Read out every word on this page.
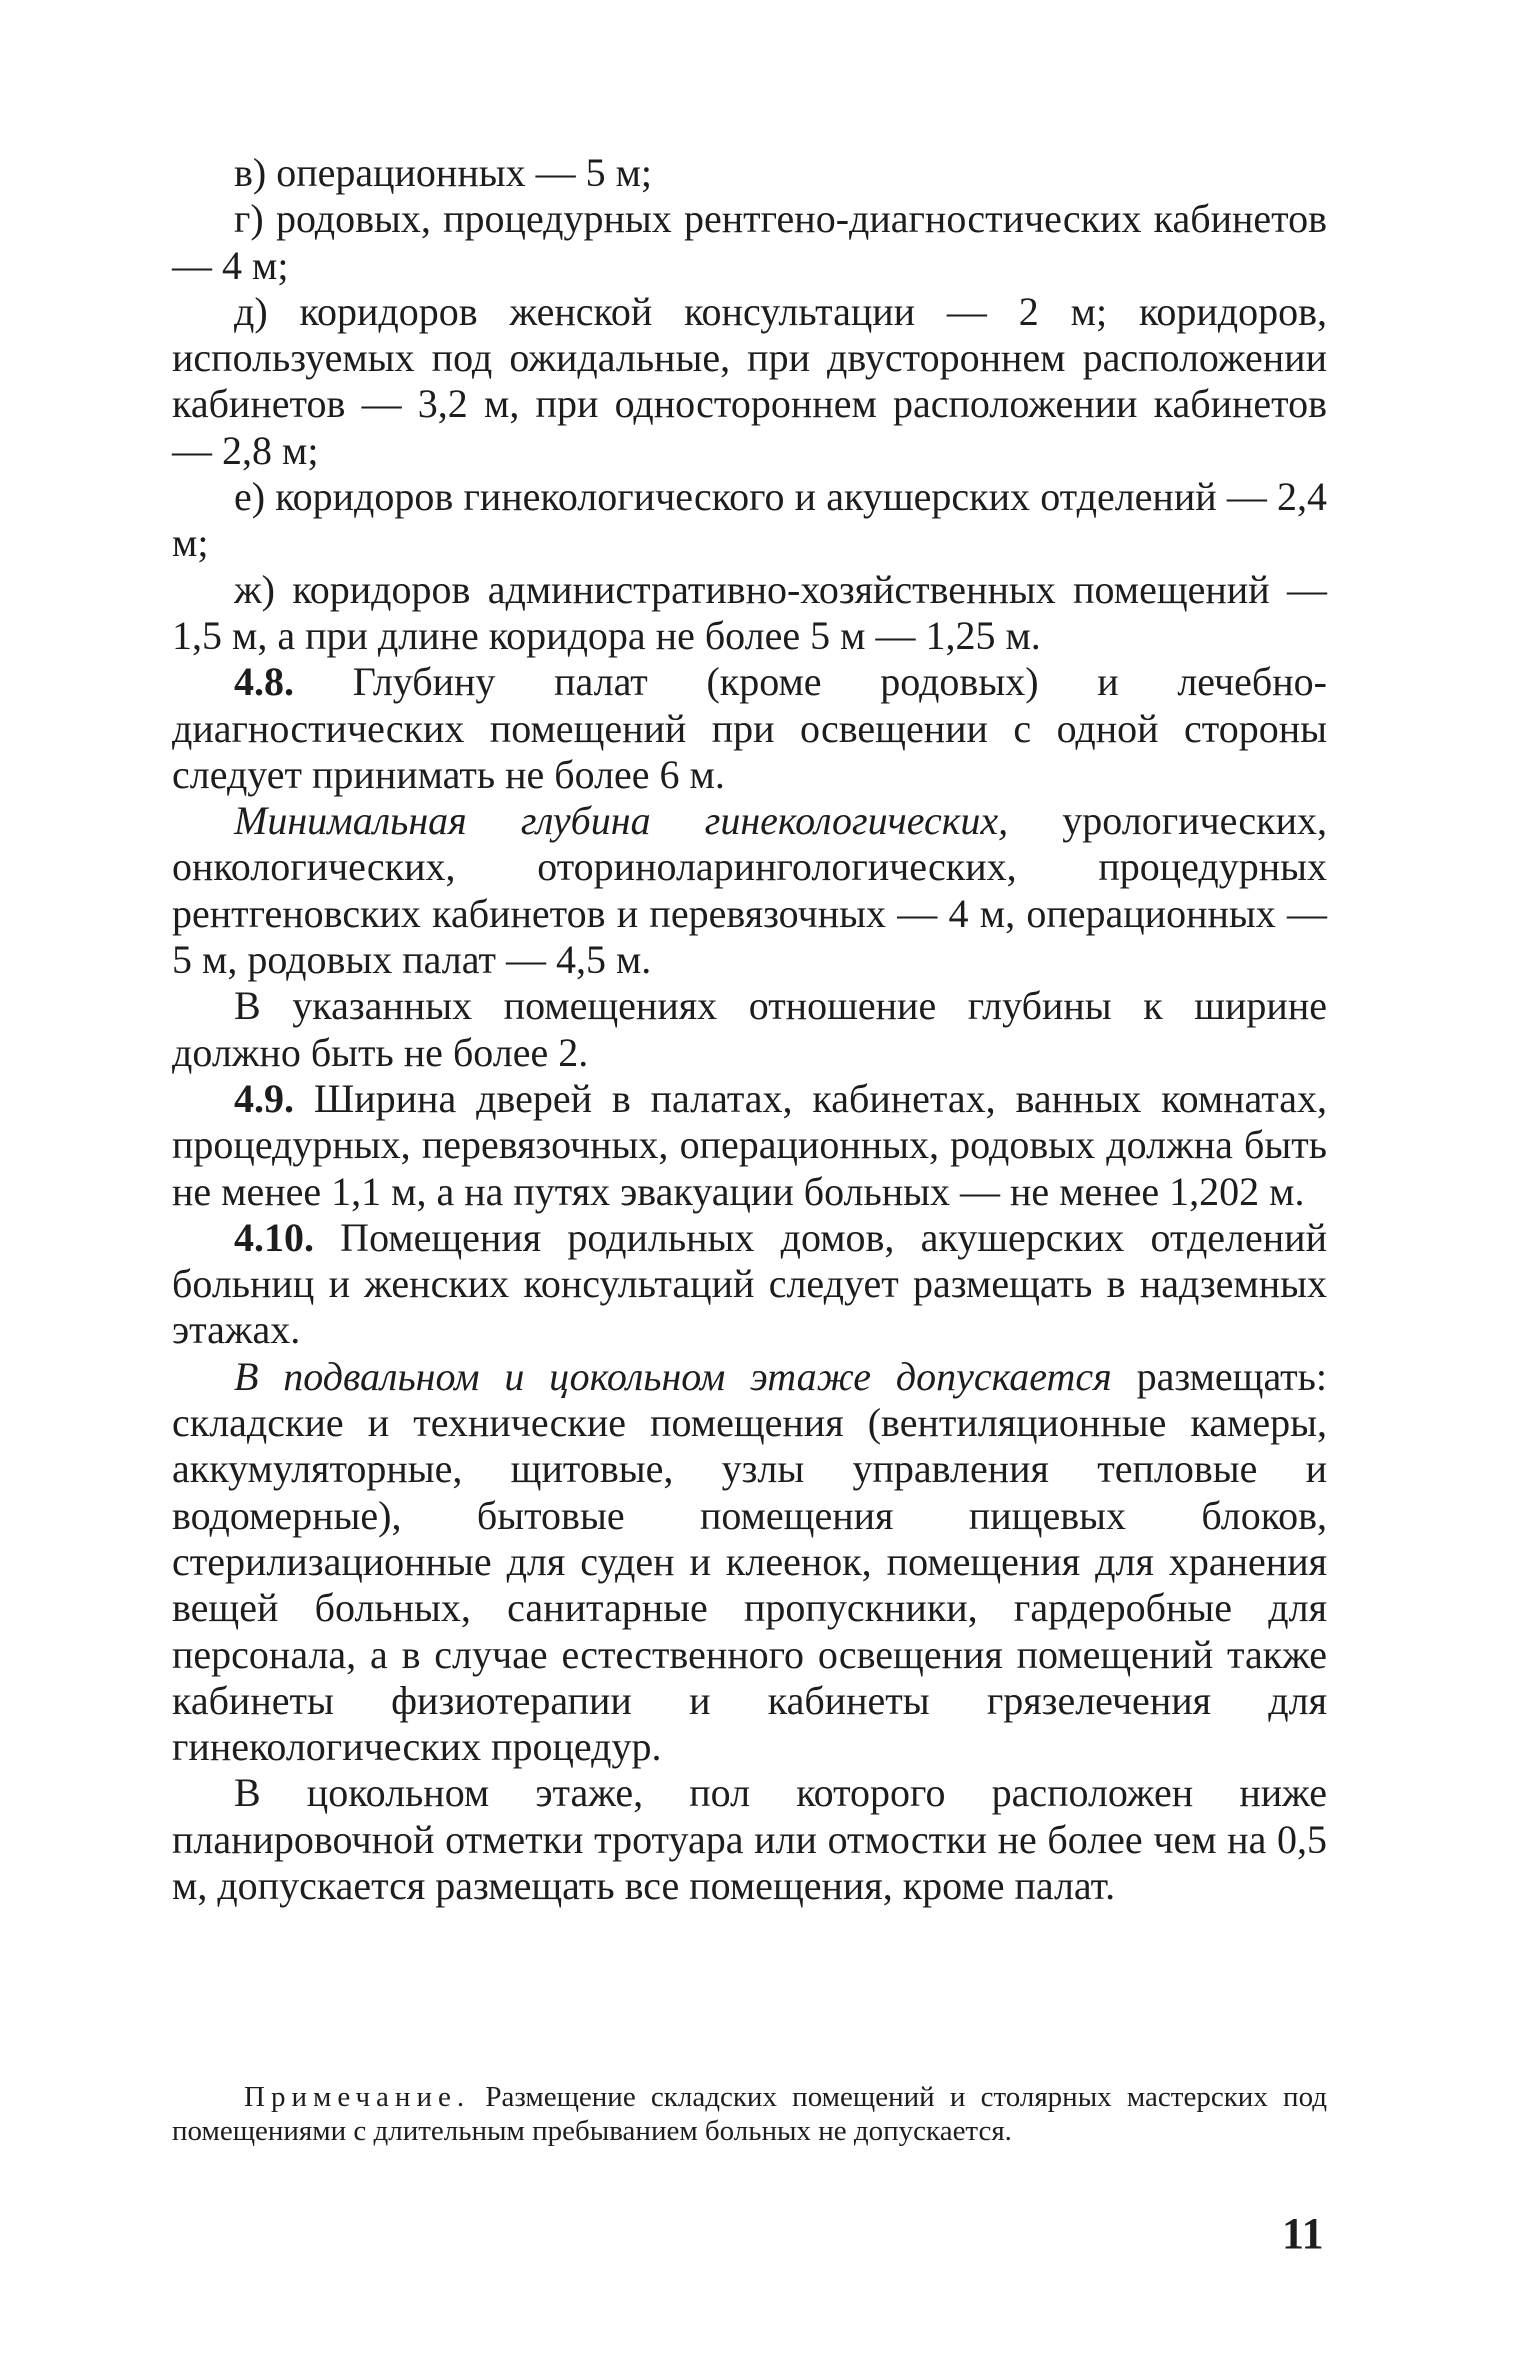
в) операционных — 5 м;

г) родовых, процедурных рентгено-диагностических кабинетов — 4 м;

д) коридоров женской консультации — 2 м; коридоров, используемых под ожидальные, при двустороннем расположении кабинетов — 3,2 м, при одностороннем расположении кабинетов — 2,8 м;

е) коридоров гинекологического и акушерских отделений — 2,4 м;

ж) коридоров административно-хозяйственных помещений — 1,5 м, а при длине коридора не более 5 м — 1,25 м.

4.8. Глубину палат (кроме родовых) и лечебно-диагностических помещений при освещении с одной стороны следует принимать не более 6 м.

Минимальная глубина гинекологических, урологических, онкологических, оториноларингологических, процедурных рентгеновских кабинетов и перевязочных — 4 м, операционных — 5 м, родовых палат — 4,5 м.

В указанных помещениях отношение глубины к ширине должно быть не более 2.

4.9. Ширина дверей в палатах, кабинетах, ванных комнатах, процедурных, перевязочных, операционных, родовых должна быть не менее 1,1 м, а на путях эвакуации больных — не менее 1,202 м.

4.10. Помещения родильных домов, акушерских отделений больниц и женских консультаций следует размещать в надземных этажах.

В подвальном и цокольном этаже допускается размещать: складские и технические помещения (вентиляционные камеры, аккумуляторные, щитовые, узлы управления тепловые и водомерные), бытовые помещения пищевых блоков, стерилизационные для суден и клеенок, помещения для хранения вещей больных, санитарные пропускники, гардеробные для персонала, а в случае естественного освещения помещений также кабинеты физиотерапии и кабинеты грязелечения для гинекологических процедур.

В цокольном этаже, пол которого расположен ниже планировочной отметки тротуара или отмостки не более чем на 0,5 м, допускается размещать все помещения, кроме палат.

Примечание. Размещение складских помещений и столярных мастерских под помещениями с длительным пребыванием больных не допускается.
11
